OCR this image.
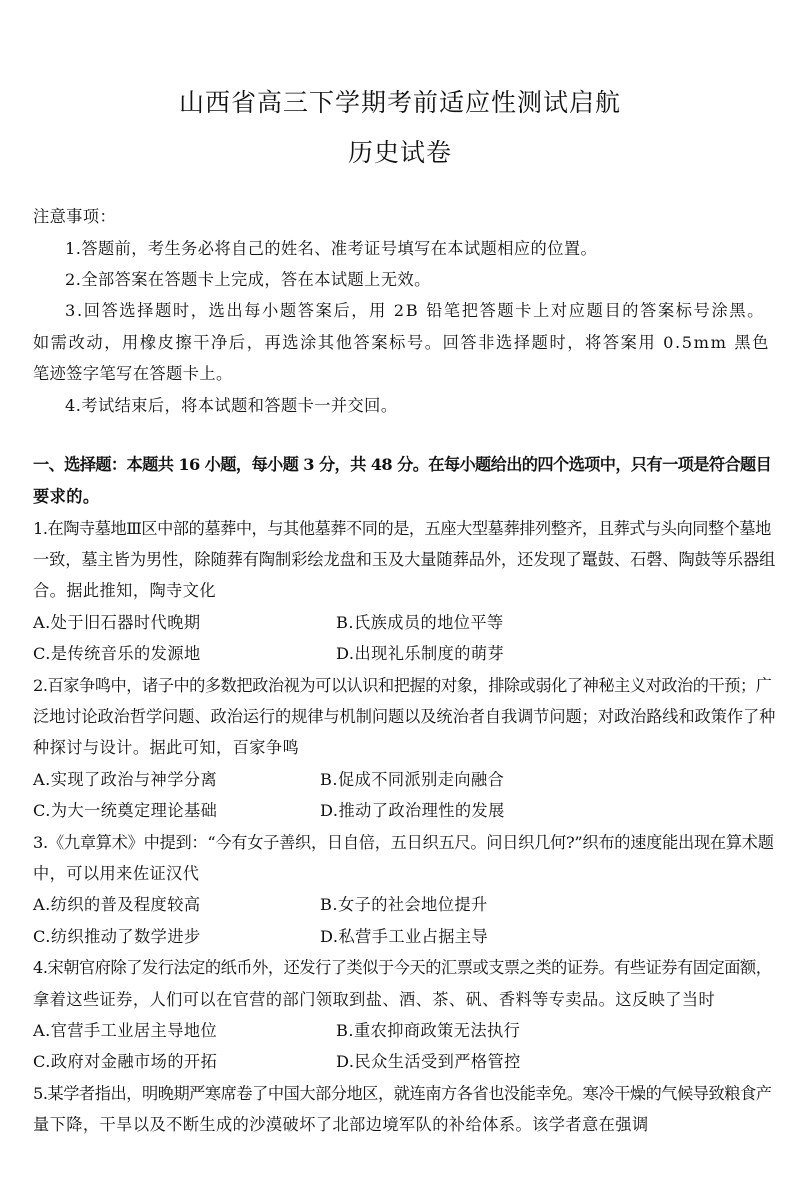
山西省高三下学期考前适应性测试启航
历史试卷
注意事项：
1.答题前，考生务必将自己的姓名、准考证号填写在本试题相应的位置。
2.全部答案在答题卡上完成，答在本试题上无效。
3.回答选择题时，选出每小题答案后，用 2B 铅笔把答题卡上对应题目的答案标号涂黑。
如需改动，用橡皮擦干净后，再选涂其他答案标号。回答非选择题时，将答案用 0.5mm 黑色
笔迹签字笔写在答题卡上。
4.考试结束后，将本试题和答题卡一并交回。
一、选择题：本题共 16 小题，每小题 3 分，共 48 分。在每小题给出的四个选项中，只有一项是符合题目
要求的。
1.在陶寺墓地Ⅲ区中部的墓葬中，与其他墓葬不同的是，五座大型墓葬排列整齐，且葬式与头向同整个墓地
一致，墓主皆为男性，除随葬有陶制彩绘龙盘和玉及大量随葬品外，还发现了鼍鼓、石磬、陶鼓等乐器组
合。据此推知，陶寺文化
A.处于旧石器时代晚期	B.氏族成员的地位平等
C.是传统音乐的发源地	D.出现礼乐制度的萌芽
2.百家争鸣中，诸子中的多数把政治视为可以认识和把握的对象，排除或弱化了神秘主义对政治的干预；广
泛地讨论政治哲学问题、政治运行的规律与机制问题以及统治者自我调节问题；对政治路线和政策作了种
种探讨与设计。据此可知，百家争鸣
A.实现了政治与神学分离	B.促成不同派别走向融合
C.为大一统奠定理论基础	D.推动了政治理性的发展
3.《九章算术》中提到：“今有女子善织，日自倍，五日织五尺。问日织几何?”织布的速度能出现在算术题
中，可以用来佐证汉代
A.纺织的普及程度较高	B.女子的社会地位提升
C.纺织推动了数学进步	D.私营手工业占据主导
4.宋朝官府除了发行法定的纸币外，还发行了类似于今天的汇票或支票之类的证券。有些证券有固定面额，
拿着这些证券，人们可以在官营的部门领取到盐、酒、茶、矾、香料等专卖品。这反映了当时
A.官营手工业居主导地位	B.重农抑商政策无法执行
C.政府对金融市场的开拓	D.民众生活受到严格管控
5.某学者指出，明晚期严寒席卷了中国大部分地区，就连南方各省也没能幸免。寒冷干燥的气候导致粮食产
量下降，干旱以及不断生成的沙漠破坏了北部边境军队的补给体系。该学者意在强调
